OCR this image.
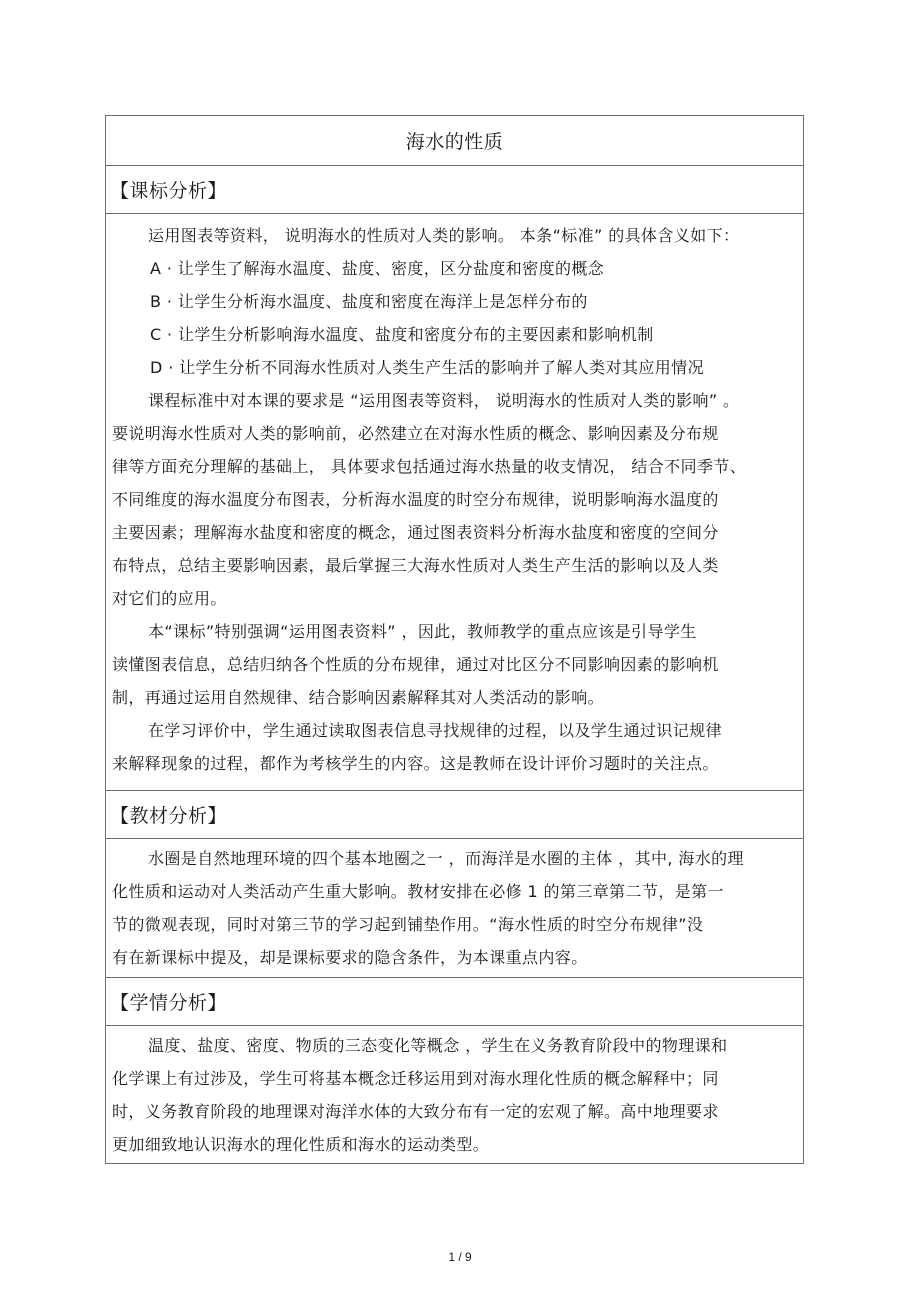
海水的性质
【课标分析】
运用图表等资料， 说明海水的性质对人类的影响。 本条“标准” 的具体含义如下：
A · 让学生了解海水温度、盐度、密度，区分盐度和密度的概念
B · 让学生分析海水温度、盐度和密度在海洋上是怎样分布的
C · 让学生分析影响海水温度、盐度和密度分布的主要因素和影响机制
D · 让学生分析不同海水性质对人类生产生活的影响并了解人类对其应用情况
课程标准中对本课的要求是 “运用图表等资料， 说明海水的性质对人类的影响” 。
要说明海水性质对人类的影响前，必然建立在对海水性质的概念、影响因素及分布规
律等方面充分理解的基础上， 具体要求包括通过海水热量的收支情况， 结合不同季节、
不同维度的海水温度分布图表，分析海水温度的时空分布规律，说明影响海水温度的
主要因素；理解海水盐度和密度的概念，通过图表资料分析海水盐度和密度的空间分
布特点，总结主要影响因素，最后掌握三大海水性质对人类生产生活的影响以及人类
对它们的应用。
本“课标”特别强调“运用图表资料” ，因此，教师教学的重点应该是引导学生
读懂图表信息，总结归纳各个性质的分布规律，通过对比区分不同影响因素的影响机
制，再通过运用自然规律、结合影响因素解释其对人类活动的影响。
在学习评价中，学生通过读取图表信息寻找规律的过程，以及学生通过识记规律
来解释现象的过程，都作为考核学生的内容。这是教师在设计评价习题时的关注点。
【教材分析】
水圈是自然地理环境的四个基本地圈之一 ，而海洋是水圈的主体 ，其中, 海水的理
化性质和运动对人类活动产生重大影响。教材安排在必修 1 的第三章第二节，是第一
节的微观表现，同时对第三节的学习起到铺垫作用。“海水性质的时空分布规律”没
有在新课标中提及，却是课标要求的隐含条件，为本课重点内容。
【学情分析】
温度、盐度、密度、物质的三态变化等概念 ，学生在义务教育阶段中的物理课和
化学课上有过涉及，学生可将基本概念迁移运用到对海水理化性质的概念解释中；同
时，义务教育阶段的地理课对海洋水体的大致分布有一定的宏观了解。高中地理要求
更加细致地认识海水的理化性质和海水的运动类型。
1 / 9
